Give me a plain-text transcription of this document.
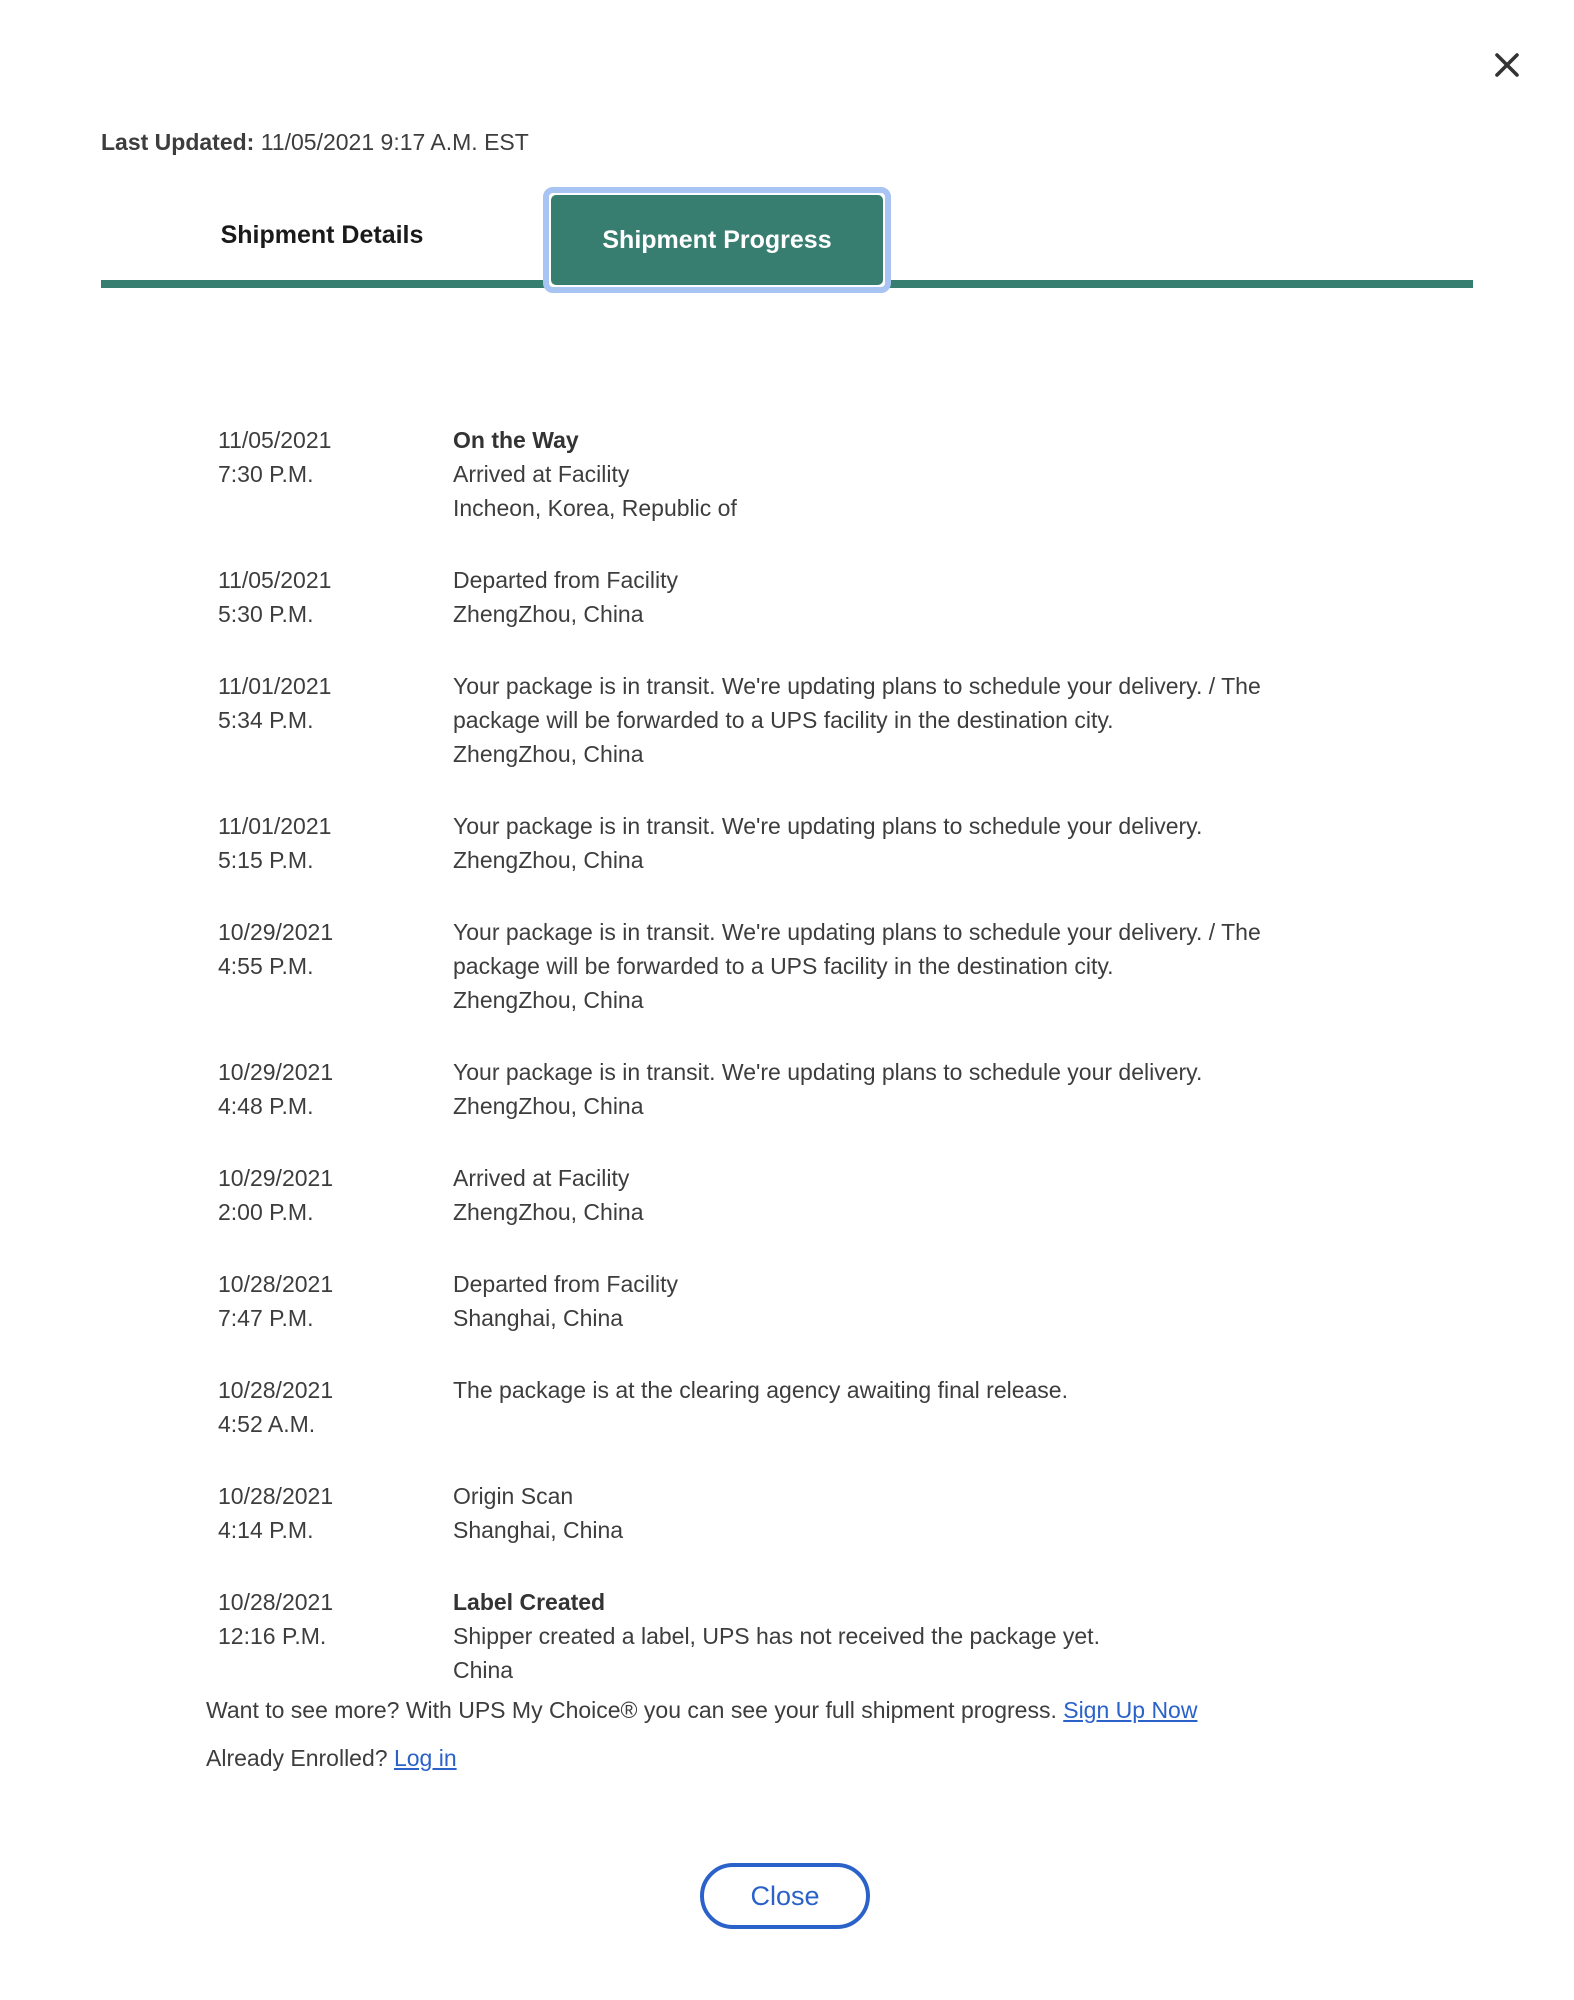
Last Updated: 11/05/2021 9:17 A.M. EST
Shipment Details	Shipment Progress
11/05/2021
7:30 P.M.
On the Way
Arrived at Facility
Incheon, Korea, Republic of
11/05/2021
5:30 P.M.
Departed from Facility
ZhengZhou, China
11/01/2021
5:34 P.M.
Your package is in transit. We're updating plans to schedule your delivery. / The
package will be forwarded to a UPS facility in the destination city.
ZhengZhou, China
11/01/2021
5:15 P.M.
Your package is in transit. We're updating plans to schedule your delivery.
ZhengZhou, China
10/29/2021
4:55 P.M.
Your package is in transit. We're updating plans to schedule your delivery. / The
package will be forwarded to a UPS facility in the destination city.
ZhengZhou, China
10/29/2021
4:48 P.M.
Your package is in transit. We're updating plans to schedule your delivery.
ZhengZhou, China
10/29/2021
2:00 P.M.
Arrived at Facility
ZhengZhou, China
10/28/2021
7:47 P.M.
Departed from Facility
Shanghai, China
10/28/2021
4:52 A.M.
The package is at the clearing agency awaiting final release.
10/28/2021
4:14 P.M.
Origin Scan
Shanghai, China
10/28/2021
12:16 P.M.
Label Created
Shipper created a label, UPS has not received the package yet.
China
Want to see more? With UPS My Choice® you can see your full shipment progress. Sign Up Now
Already Enrolled? Log in
Close
